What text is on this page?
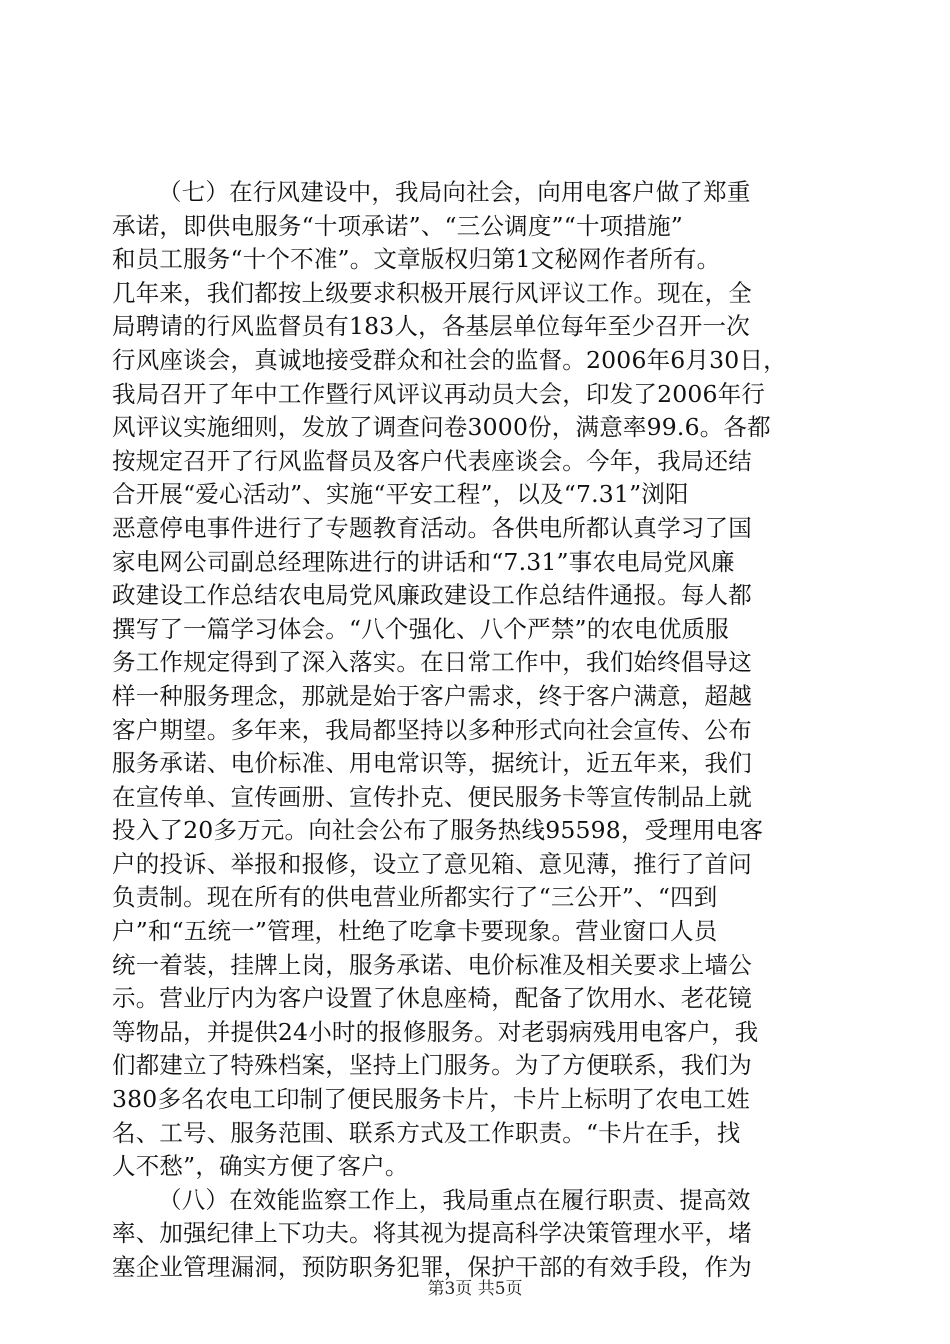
（七）在行风建设中，我局向社会，向用电客户做了郑重
承诺，即供电服务“十项承诺”、“三公调度”“十项措施”
和员工服务“十个不准”。文章版权归第1文秘网作者所有。
几年来，我们都按上级要求积极开展行风评议工作。现在，全
局聘请的行风监督员有183人，各基层单位每年至少召开一次
行风座谈会，真诚地接受群众和社会的监督。2006年6月30日，
我局召开了年中工作暨行风评议再动员大会，印发了2006年行
风评议实施细则，发放了调查问卷3000份，满意率99.6。各都
按规定召开了行风监督员及客户代表座谈会。今年，我局还结
合开展“爱心活动”、实施“平安工程”，以及“7.31”浏阳
恶意停电事件进行了专题教育活动。各供电所都认真学习了国
家电网公司副总经理陈进行的讲话和“7.31”事农电局党风廉
政建设工作总结农电局党风廉政建设工作总结件通报。每人都
撰写了一篇学习体会。“八个强化、八个严禁”的农电优质服
务工作规定得到了深入落实。在日常工作中，我们始终倡导这
样一种服务理念，那就是始于客户需求，终于客户满意，超越
客户期望。多年来，我局都坚持以多种形式向社会宣传、公布
服务承诺、电价标准、用电常识等，据统计，近五年来，我们
在宣传单、宣传画册、宣传扑克、便民服务卡等宣传制品上就
投入了20多万元。向社会公布了服务热线95598，受理用电客
户的投诉、举报和报修，设立了意见箱、意见薄，推行了首问
负责制。现在所有的供电营业所都实行了“三公开”、“四到
户”和“五统一”管理，杜绝了吃拿卡要现象。营业窗口人员
统一着装，挂牌上岗，服务承诺、电价标准及相关要求上墙公
示。营业厅内为客户设置了休息座椅，配备了饮用水、老花镜
等物品，并提供24小时的报修服务。对老弱病残用电客户，我
们都建立了特殊档案，坚持上门服务。为了方便联系，我们为
380多名农电工印制了便民服务卡片，卡片上标明了农电工姓
名、工号、服务范围、联系方式及工作职责。“卡片在手，找
人不愁”，确实方便了客户。
（八）在效能监察工作上，我局重点在履行职责、提高效
率、加强纪律上下功夫。将其视为提高科学决策管理水平，堵
塞企业管理漏洞，预防职务犯罪，保护干部的有效手段，作为
第3页 共5页
